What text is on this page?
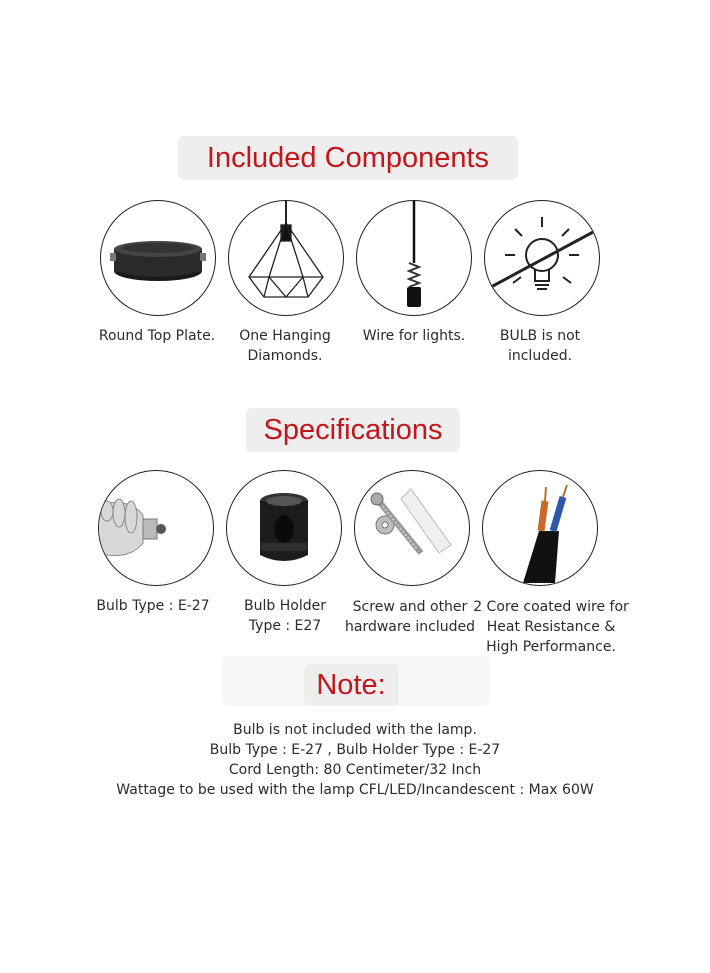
Included Components
Round Top Plate.	One Hanging Diamonds.
Wire for lights.	BULB is not included.
Specifications
Bulb Type : E-27	Bulb Holder Type : E27
Screw and other hardware included
2 Core coated wire for Heat Resistance & High Performance.
Note:
Bulb is not included with the lamp.
Bulb Type : E-27 , Bulb Holder Type : E-27
Cord Length: 80 Centimeter/32 Inch
Wattage to be used with the lamp CFL/LED/Incandescent : Max 60W
